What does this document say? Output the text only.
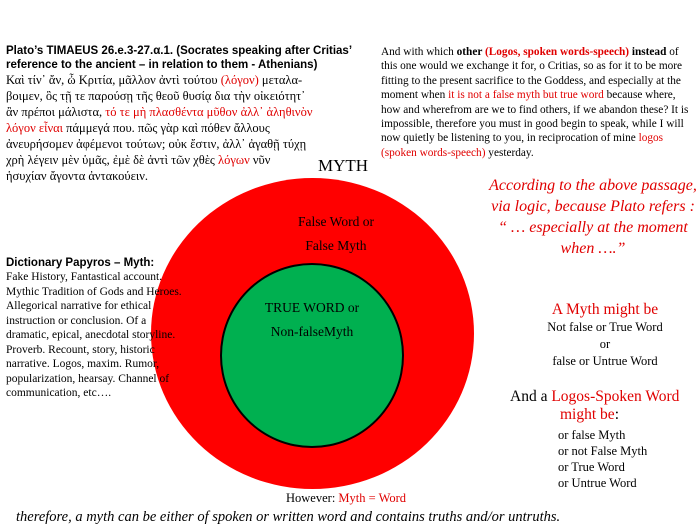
Plato’s TIMAEUS 26.e.3-27.α.1. (Socrates speaking after Critias’ reference to the ancient – in relation to them - Athenians)
Καὶ τίν᾽ ἄν, ὦ Κριτία, μᾶλλον ἀντὶ τούτου (λόγον) μεταλα-
βοιμεν, ὃς τῇ τε παρούσῃ τῆς θεοῦ θυσίᾳ δια τὴν οἰκειότητ᾽
ἂν πρέποι μάλιστα, τό τε μὴ πλασθέντα μῦθον ἀλλ᾽ ἀληθινὸν
λόγον εἶναι πάμμεγά που. πῶς γὰρ καὶ πόθεν ἄλλους
ἀνευρήσομεν ἀφέμενοι τούτων; οὐκ ἔστιν, ἀλλ᾽ ἀγαθῇ τύχῃ
χρὴ λέγειν μὲν ὑμᾶς, ἐμὲ δὲ ἀντὶ τῶν χθὲς λόγων νῦν
ἡσυχίαν ἄγοντα ἀντακούειν.
And with which other (Logos, spoken words-speech) instead of this one would we exchange it for, o Critias, so as for it to be more fitting to the present sacrifice to the Goddess, and especially at the moment when it is not a false myth but true word because where, how and wherefrom are we to find others, if we abandon these? It is impossible, therefore you must in good begin to speak, while I will now quietly be listening to you, in reciprocation of mine logos (spoken words-speech) yesterday.
MYTH
False Word or
False Myth
TRUE WORD or
Non-falseMyth
According to the above passage, via logic, because Plato refers : “ … especially at the moment when ….”
Dictionary Papyros – Myth:
Fake History, Fantastical account. Mythic Tradition of Gods and Heroes. Allegorical narrative for ethical instruction or conclusion. Of a dramatic, epical, anecdotal storyline. Proverb. Recount, story, historic narrative. Logos, maxim. Rumor, popularization, hearsay. Channel of communication, etc….
A Myth might be
Not false or True Word
or
false or Untrue Word
And a Logos-Spoken Word
might be:
or false Myth
or not False Myth
or True Word
or Untrue Word
However: Myth = Word
therefore, a myth can be either of spoken or written word and contains truths and/or untruths.
